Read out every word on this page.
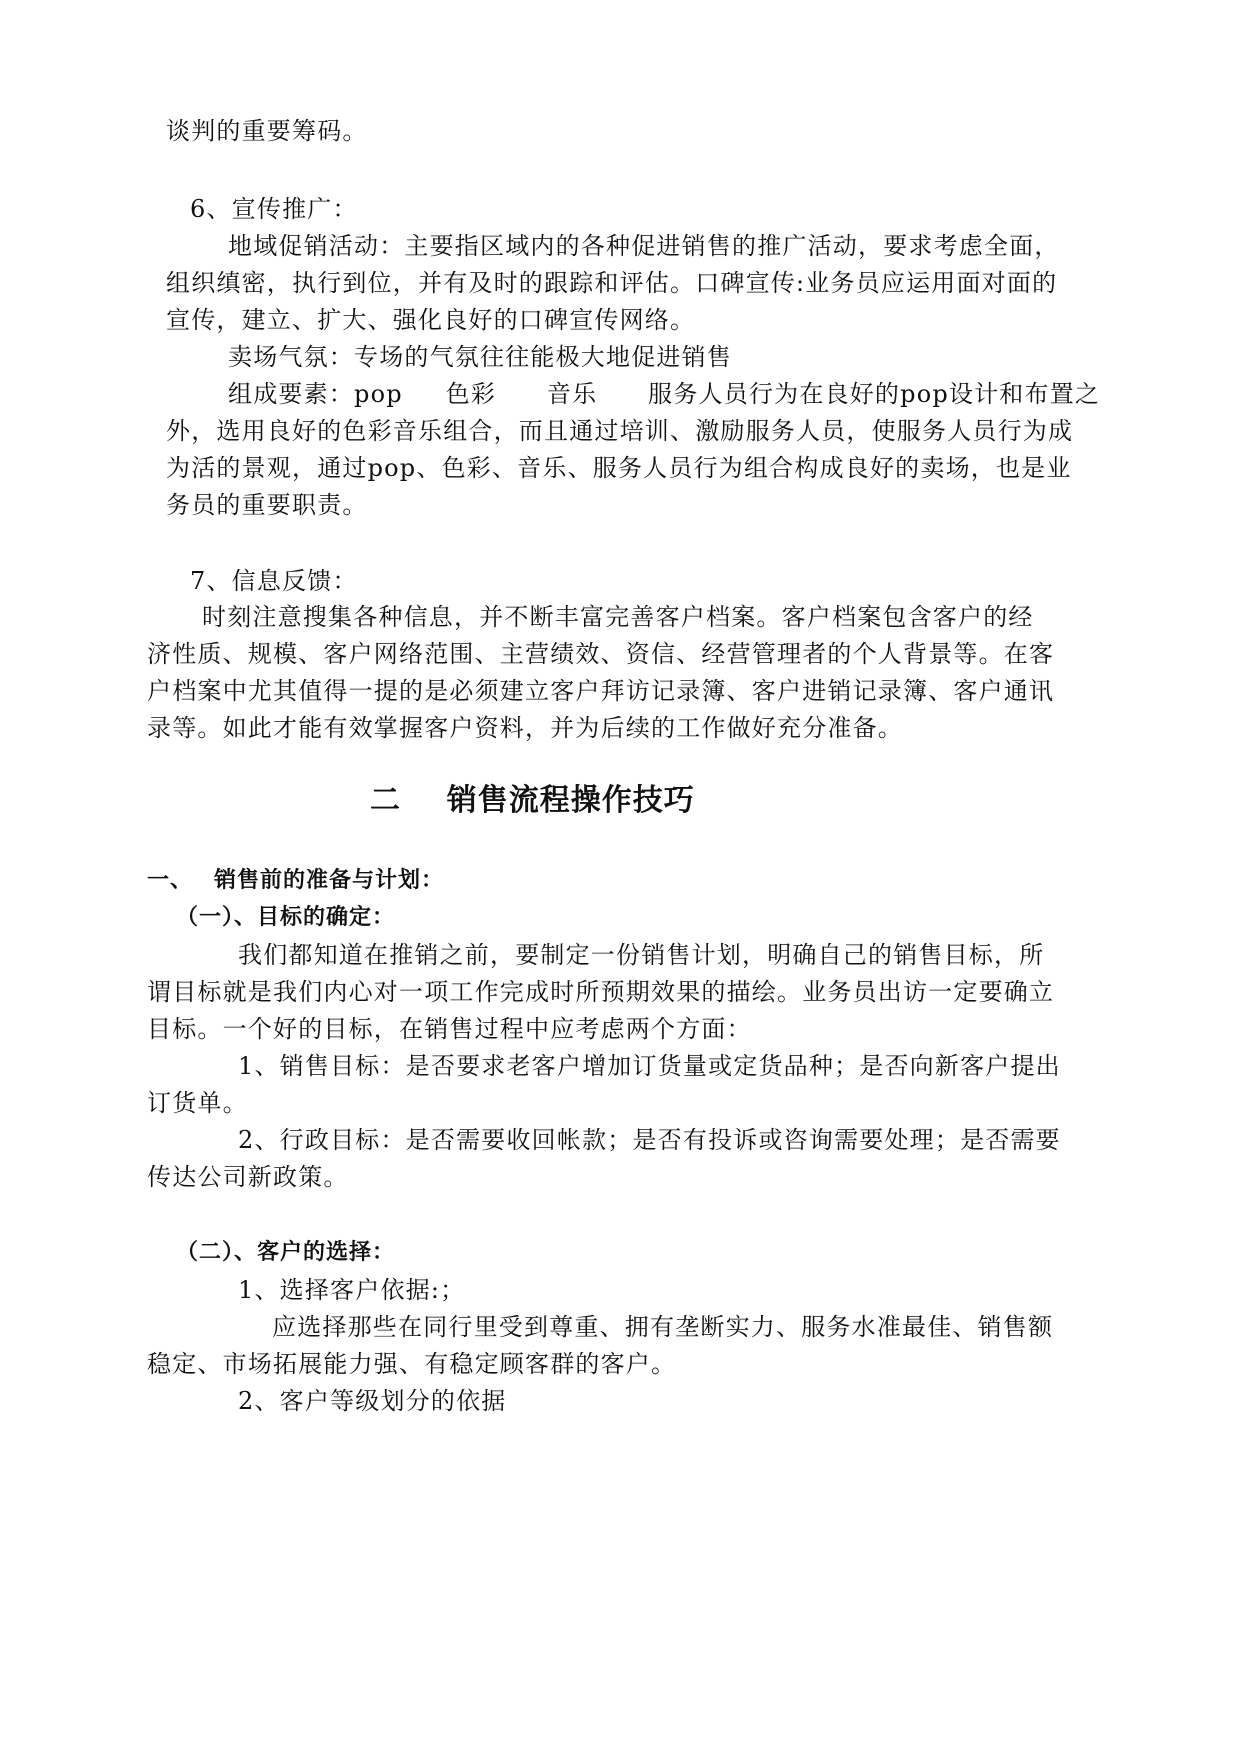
谈判的重要筹码。
6、宣传推广：
地域促销活动：主要指区域内的各种促进销售的推广活动，要求考虑全面，
组织缜密，执行到位，并有及时的跟踪和评估。口碑宣传:业务员应运用面对面的
宣传，建立、扩大、强化良好的口碑宣传网络。
卖场气氛：专场的气氛往往能极大地促进销售
组成要素：pop 色彩 音乐 服务人员行为在良好的pop设计和布置之
外，选用良好的色彩音乐组合，而且通过培训、激励服务人员，使服务人员行为成
为活的景观，通过pop、色彩、音乐、服务人员行为组合构成良好的卖场，也是业
务员的重要职责。
7、信息反馈：
时刻注意搜集各种信息，并不断丰富完善客户档案。客户档案包含客户的经
济性质、规模、客户网络范围、主营绩效、资信、经营管理者的个人背景等。在客
户档案中尤其值得一提的是必须建立客户拜访记录簿、客户进销记录簿、客户通讯
录等。如此才能有效掌握客户资料，并为后续的工作做好充分准备。
二    销售流程操作技巧
一、 销售前的准备与计划：
（一）、目标的确定：
我们都知道在推销之前，要制定一份销售计划，明确自己的销售目标，所
谓目标就是我们内心对一项工作完成时所预期效果的描绘。业务员出访一定要确立
目标。一个好的目标，在销售过程中应考虑两个方面：
1、销售目标：是否要求老客户增加订货量或定货品种；是否向新客户提出
订货单。
2、行政目标：是否需要收回帐款；是否有投诉或咨询需要处理；是否需要
传达公司新政策。
（二）、客户的选择：
1、选择客户依据:；
应选择那些在同行里受到尊重、拥有垄断实力、服务水准最佳、销售额
稳定、市场拓展能力强、有稳定顾客群的客户。
2、客户等级划分的依据
